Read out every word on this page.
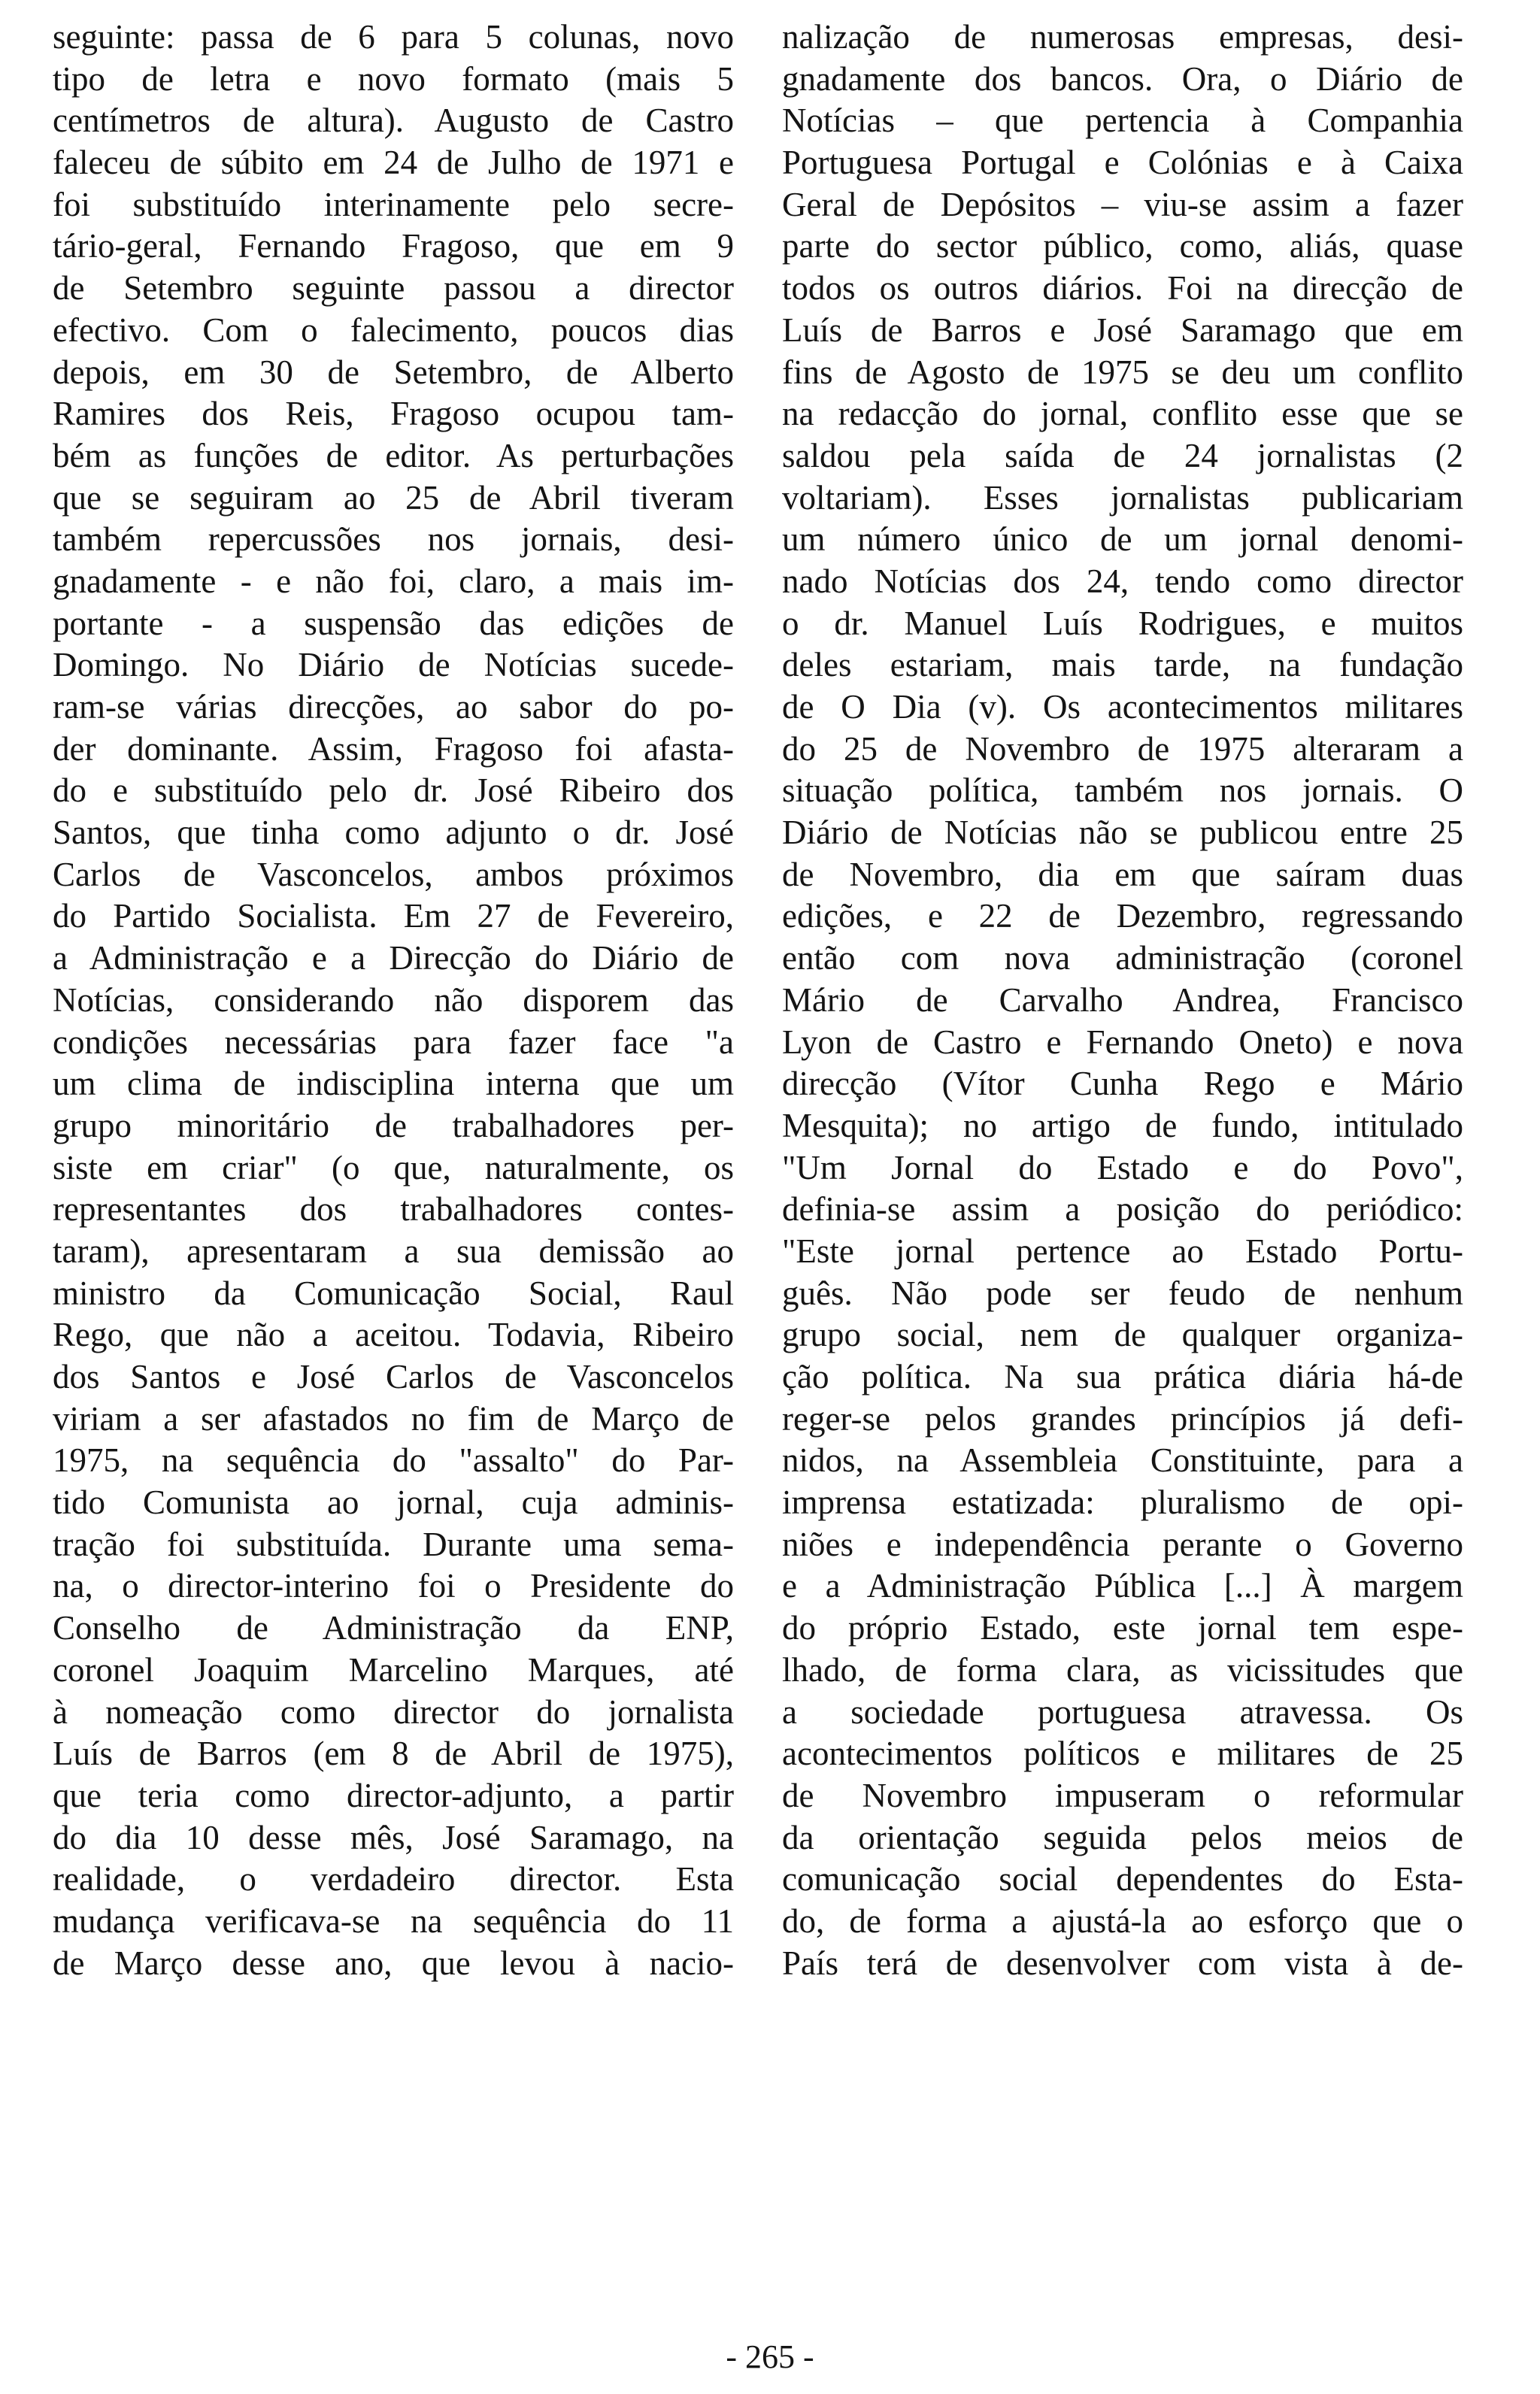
seguinte: passa de 6 para 5 colunas, novo
tipo de letra e novo formato (mais 5
centímetros de altura). Augusto de Castro
faleceu de súbito em 24 de Julho de 1971 e
foi substituído interinamente pelo secre-
tário-geral, Fernando Fragoso, que em 9
de Setembro seguinte passou a director
efectivo. Com o falecimento, poucos dias
depois, em 30 de Setembro, de Alberto
Ramires dos Reis, Fragoso ocupou tam-
bém as funções de editor. As perturbações
que se seguiram ao 25 de Abril tiveram
também repercussões nos jornais, desi-
gnadamente - e não foi, claro, a mais im-
portante - a suspensão das edições de
Domingo. No Diário de Notícias sucede-
ram-se várias direcções, ao sabor do po-
der dominante. Assim, Fragoso foi afasta-
do e substituído pelo dr. José Ribeiro dos
Santos, que tinha como adjunto o dr. José
Carlos de Vasconcelos, ambos próximos
do Partido Socialista. Em 27 de Fevereiro,
a Administração e a Direcção do Diário de
Notícias, considerando não disporem das
condições necessárias para fazer face "a
um clima de indisciplina interna que um
grupo minoritário de trabalhadores per-
siste em criar" (o que, naturalmente, os
representantes dos trabalhadores contes-
taram), apresentaram a sua demissão ao
ministro da Comunicação Social, Raul
Rego, que não a aceitou. Todavia, Ribeiro
dos Santos e José Carlos de Vasconcelos
viriam a ser afastados no fim de Março de
1975, na sequência do "assalto" do Par-
tido Comunista ao jornal, cuja adminis-
tração foi substituída. Durante uma sema-
na, o director-interino foi o Presidente do
Conselho de Administração da ENP,
coronel Joaquim Marcelino Marques, até
à nomeação como director do jornalista
Luís de Barros (em 8 de Abril de 1975),
que teria como director-adjunto, a partir
do dia 10 desse mês, José Saramago, na
realidade, o verdadeiro director. Esta
mudança verificava-se na sequência do 11
de Março desse ano, que levou à nacio-
nalização de numerosas empresas, desi-
gnadamente dos bancos. Ora, o Diário de
Notícias – que pertencia à Companhia
Portuguesa Portugal e Colónias e à Caixa
Geral de Depósitos – viu-se assim a fazer
parte do sector público, como, aliás, quase
todos os outros diários. Foi na direcção de
Luís de Barros e José Saramago que em
fins de Agosto de 1975 se deu um conflito
na redacção do jornal, conflito esse que se
saldou pela saída de 24 jornalistas (2
voltariam). Esses jornalistas publicariam
um número único de um jornal denomi-
nado Notícias dos 24, tendo como director
o dr. Manuel Luís Rodrigues, e muitos
deles estariam, mais tarde, na fundação
de O Dia (v). Os acontecimentos militares
do 25 de Novembro de 1975 alteraram a
situação política, também nos jornais. O
Diário de Notícias não se publicou entre 25
de Novembro, dia em que saíram duas
edições, e 22 de Dezembro, regressando
então com nova administração (coronel
Mário de Carvalho Andrea, Francisco
Lyon de Castro e Fernando Oneto) e nova
direcção (Vítor Cunha Rego e Mário
Mesquita); no artigo de fundo, intitulado
"Um Jornal do Estado e do Povo",
definia-se assim a posição do periódico:
"Este jornal pertence ao Estado Portu-
guês. Não pode ser feudo de nenhum
grupo social, nem de qualquer organiza-
ção política. Na sua prática diária há-de
reger-se pelos grandes princípios já defi-
nidos, na Assembleia Constituinte, para a
imprensa estatizada: pluralismo de opi-
niões e independência perante o Governo
e a Administração Pública [...] À margem
do próprio Estado, este jornal tem espe-
lhado, de forma clara, as vicissitudes que
a sociedade portuguesa atravessa. Os
acontecimentos políticos e militares de 25
de Novembro impuseram o reformular
da orientação seguida pelos meios de
comunicação social dependentes do Esta-
do, de forma a ajustá-la ao esforço que o
País terá de desenvolver com vista à de-
- 265 -
